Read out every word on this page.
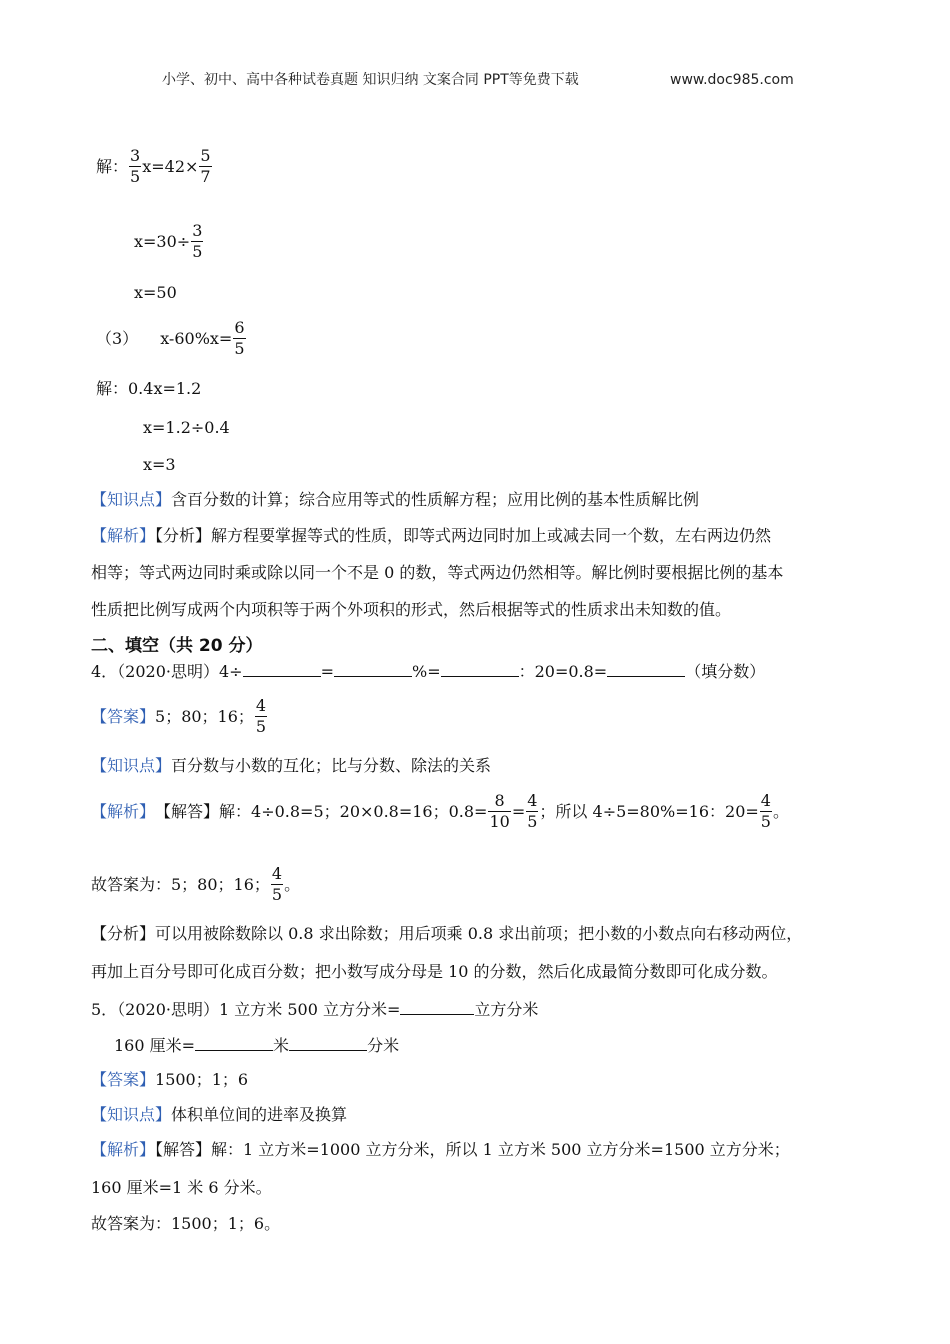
小学、初中、高中各种试卷真题 知识归纳 文案合同 PPT等免费下载	www.doc985.com
解： $\frac{3}{5} x=42\times \frac{5}{7}$
$x=30\div \frac{3}{5}$
x=50
（3） $x-60\%x= \frac{6}{5}$
解：0.4x=1.2
x=1.2÷0.4
x=3
【知识点】含百分数的计算；综合应用等式的性质解方程；应用比例的基本性质解比例
【解析】【分析】解方程要掌握等式的性质，即等式两边同时加上或减去同一个数，左右两边仍然
相等；等式两边同时乘或除以同一个不是 0 的数，等式两边仍然相等。解比例时要根据比例的基本
性质把比例写成两个内项积等于两个外项积的形式，然后根据等式的性质求出未知数的值。
二、填空（共 20 分）
4．（2020·思明）4÷	=	%=	：20=0.8=	（填分数）
【答案】 5；80；16； $\frac{4}{5}$
【知识点】百分数与小数的互化；比与分数、除法的关系
【解析】 【解答】解：4÷0.8=5；20×0.8=16；$0.8= \frac{8}{10} = \frac{4}{5}$ ；所以 4÷5=80%=16：$20= \frac{4}{5}$ 。
故答案为：5；80；16； $\frac{4}{5}$ 。
【分析】可以用被除数除以 0.8 求出除数；用后项乘 0.8 求出前项；把小数的小数点向右移动两位，
再加上百分号即可化成百分数；把小数写成分母是 10 的分数，然后化成最简分数即可化成分数。
5．（2020·思明）1 立方米 500 立方分米=	立方分米
160 厘米=	米	分米
【答案】1500；1；6
【知识点】体积单位间的进率及换算
【解析】【解答】解：1 立方米=1000 立方分米，所以 1 立方米 500 立方分米=1500 立方分米；
160 厘米=1 米 6 分米。
故答案为：1500；1；6。
